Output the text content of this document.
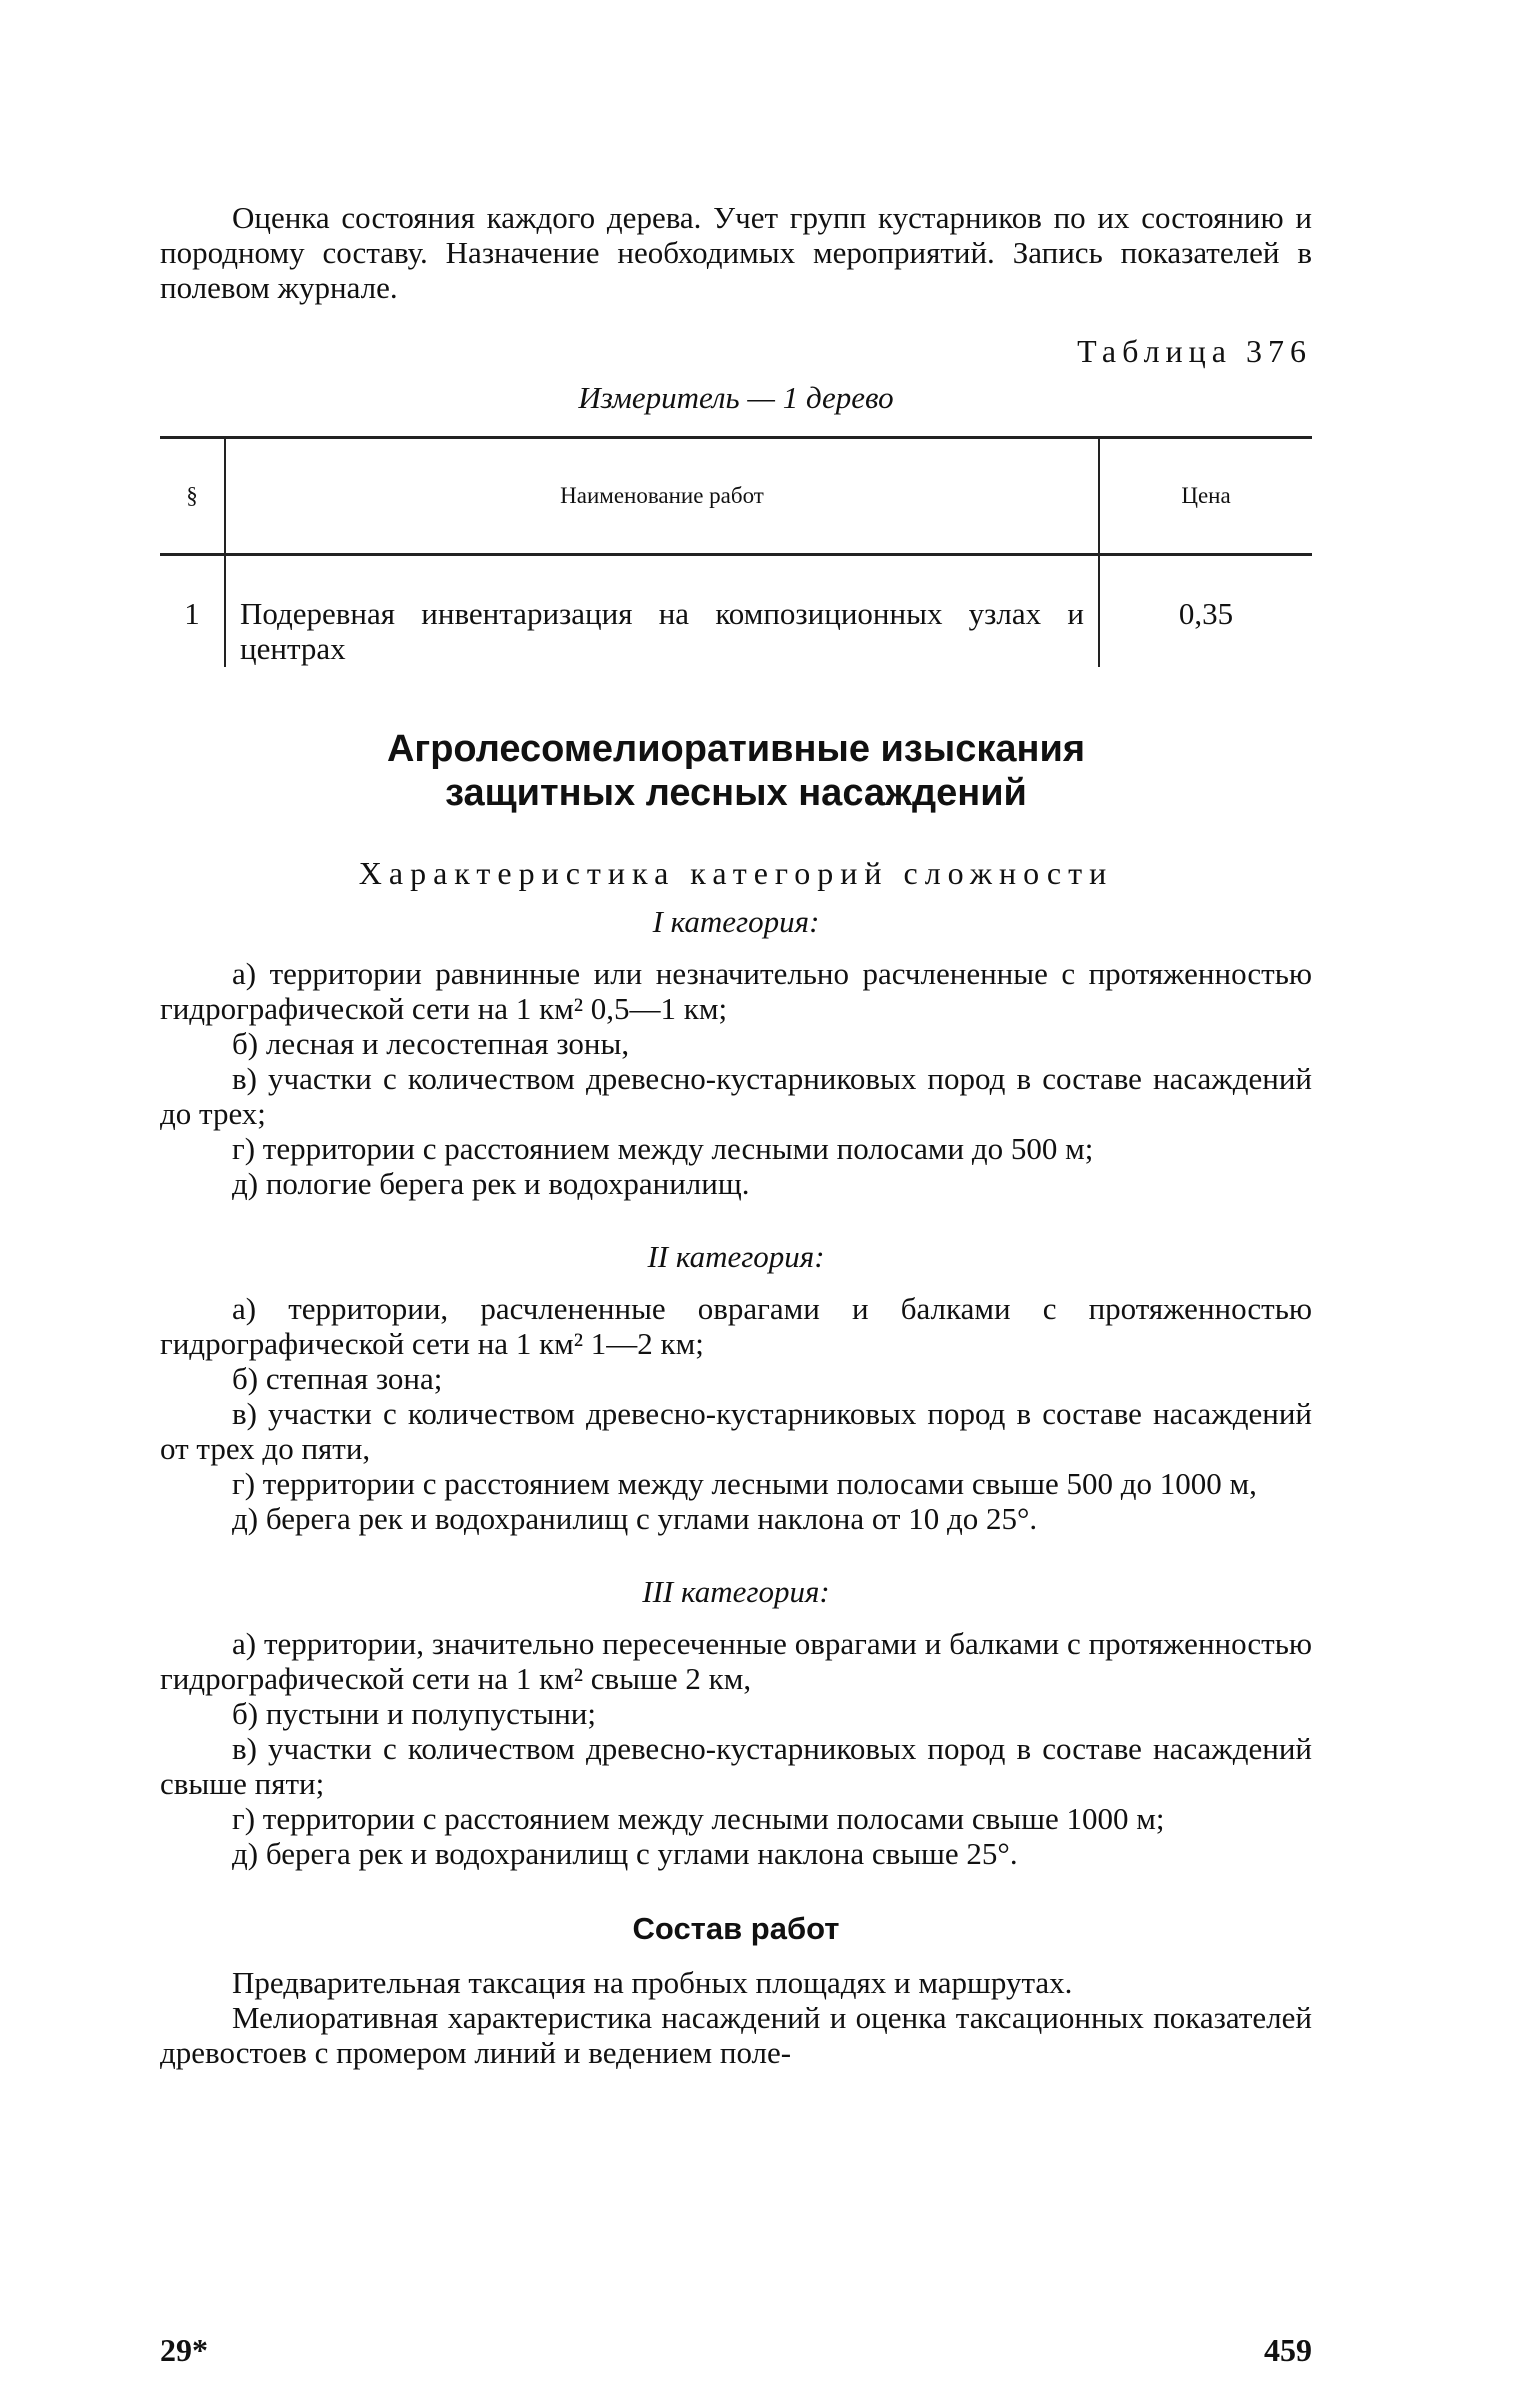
Оценка состояния каждого дерева. Учет групп кустарников по их состоянию и породному составу. Назначение необходимых мероприятий. Запись показателей в полевом журнале.

Таблица 376
Измеритель — 1 дерево
§	Наименование работ	Цена
1	Подеревная инвентаризация на композиционных узлах и центрах	0,35
Агролесомелиоративные изыскания
защитных лесных насаждений
Характеристика категорий сложности
I категория:

а) территории равнинные или незначительно расчлененные с протяженностью гидрографической сети на 1 км² 0,5—1 км;

б) лесная и лесостепная зоны,

в) участки с количеством древесно-кустарниковых пород в составе насаждений до трех;

г) территории с расстоянием между лесными полосами до 500 м;

д) пологие берега рек и водохранилищ.

II категория:

а) территории, расчлененные оврагами и балками с протяженностью гидрографической сети на 1 км² 1—2 км;

б) степная зона;

в) участки с количеством древесно-кустарниковых пород в составе насаждений от трех до пяти,

г) территории с расстоянием между лесными полосами свыше 500 до 1000 м,

д) берега рек и водохранилищ с углами наклона от 10 до 25°.

III категория:

а) территории, значительно пересеченные оврагами и балками с протяженностью гидрографической сети на 1 км² свыше 2 км,

б) пустыни и полупустыни;

в) участки с количеством древесно-кустарниковых пород в составе насаждений свыше пяти;

г) территории с расстоянием между лесными полосами свыше 1000 м;

д) берега рек и водохранилищ с углами наклона свыше 25°.

Состав работ

Предварительная таксация на пробных площадях и маршрутах.

Мелиоративная характеристика насаждений и оценка таксационных показателей древостоев с промером линий и ведением поле-

29*	459
